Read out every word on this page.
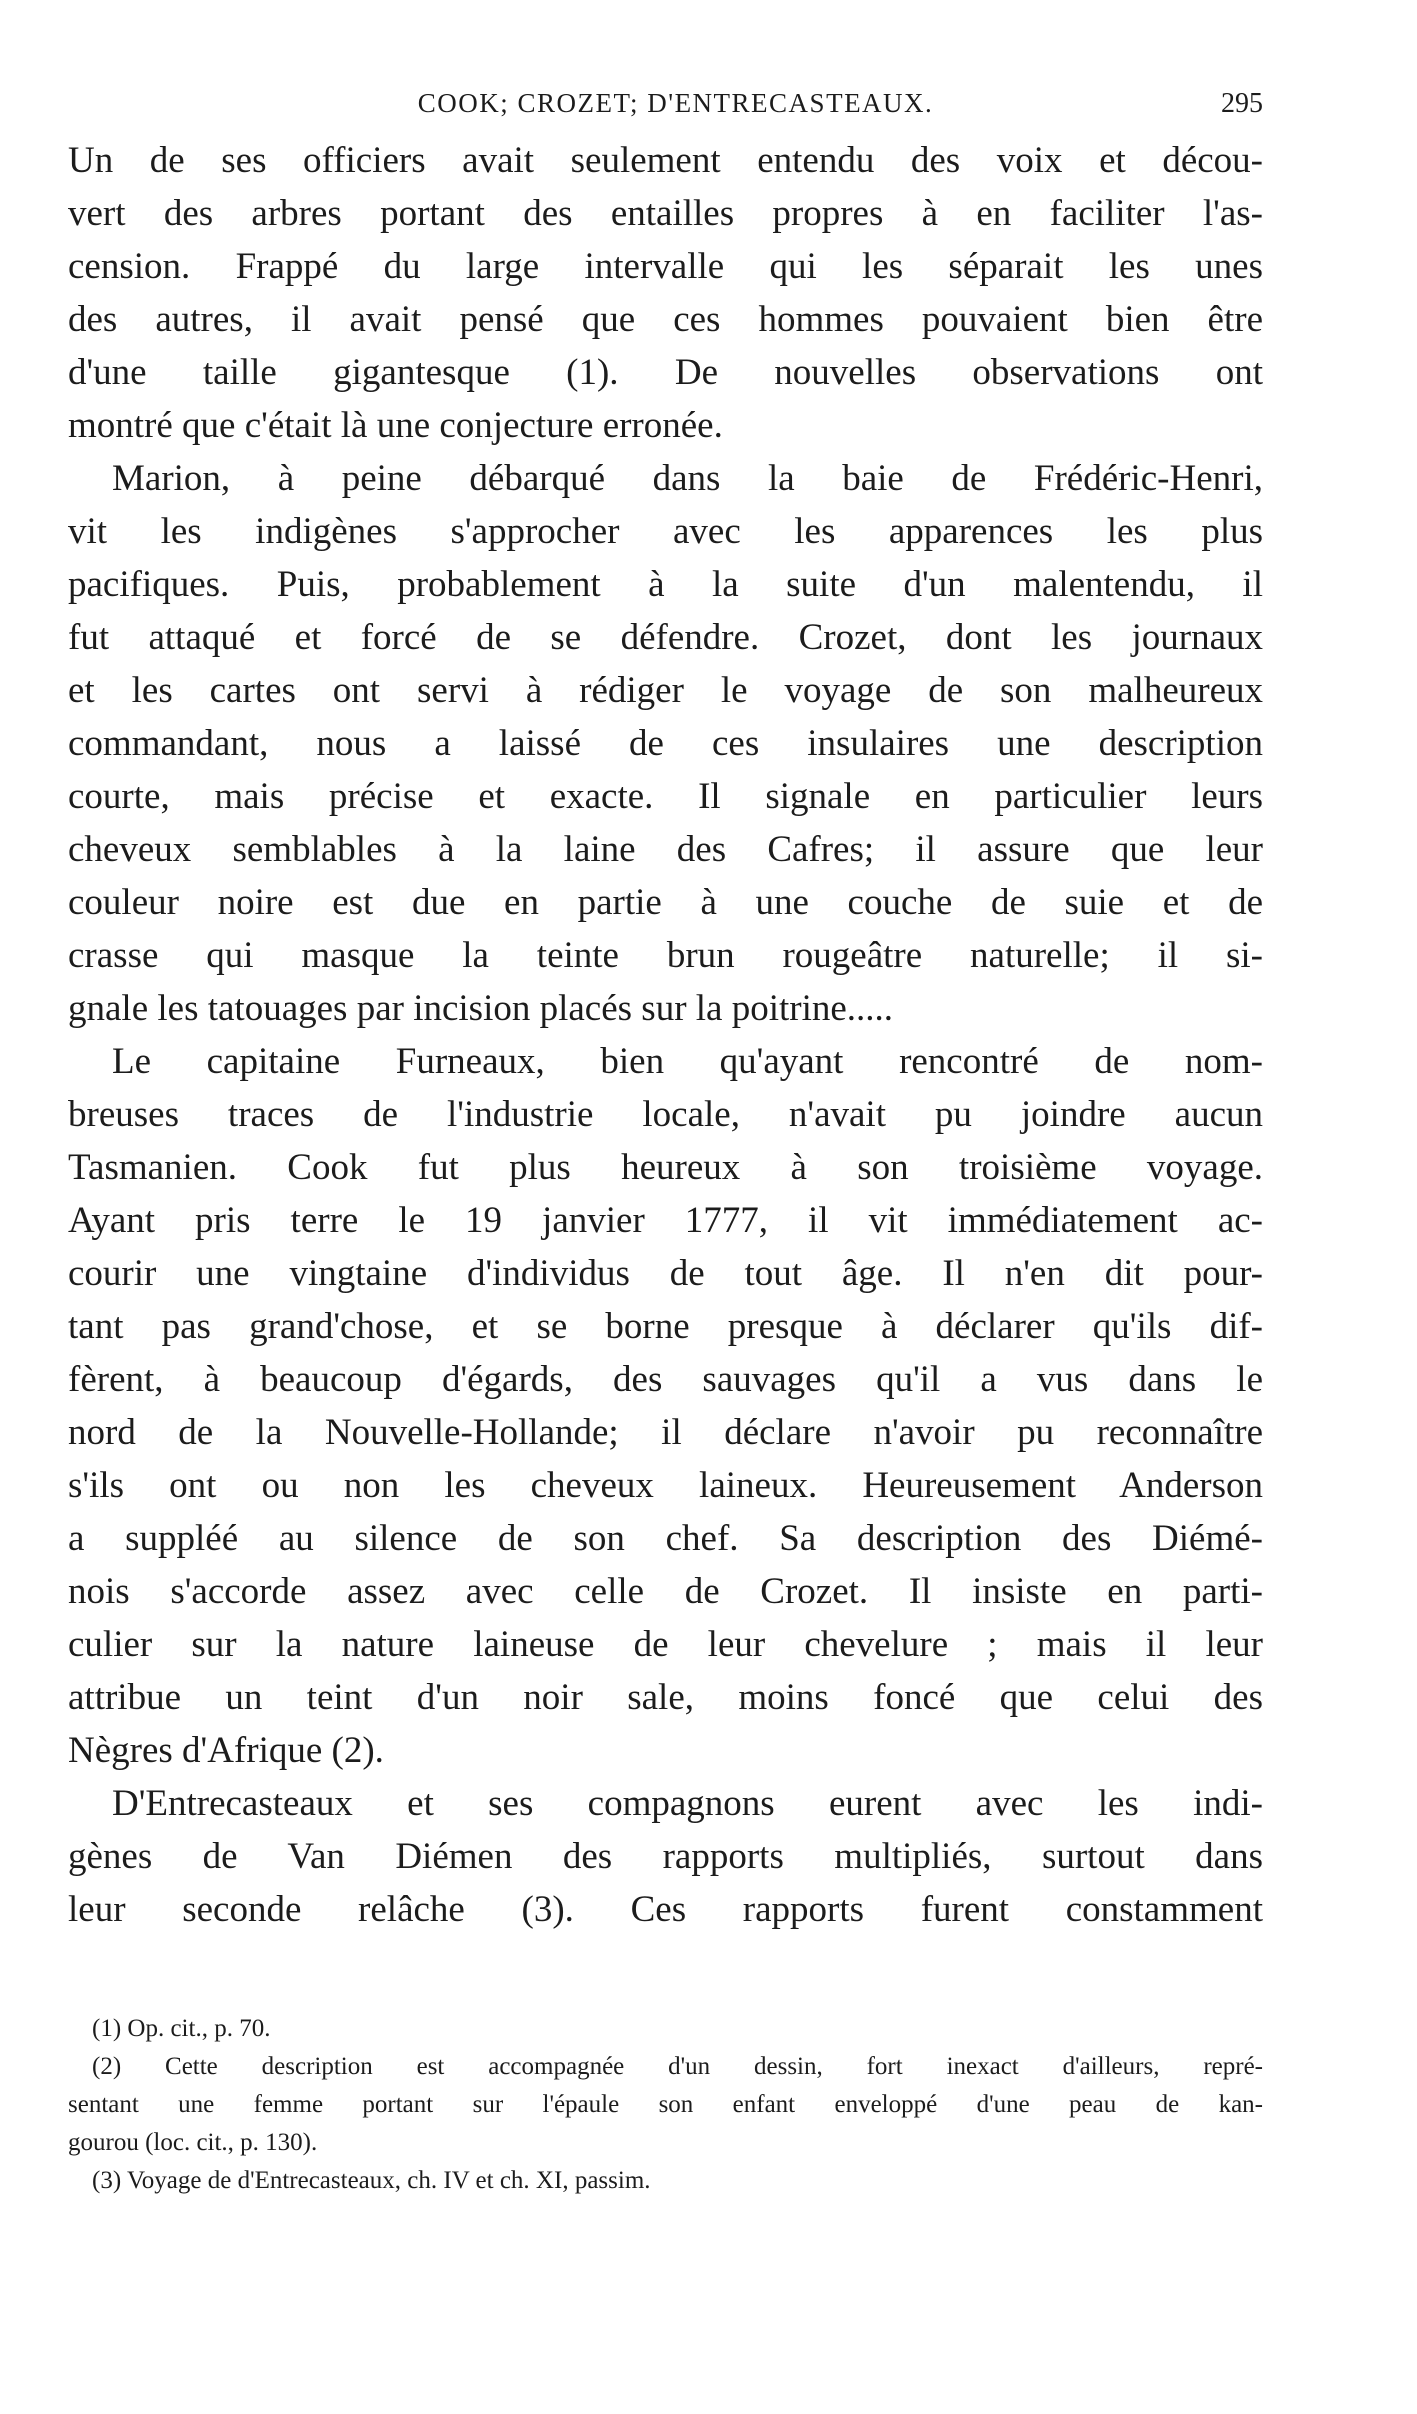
COOK; CROZET; D'ENTRECASTEAUX.	295
Un de ses officiers avait seulement entendu des voix et décou-
vert des arbres portant des entailles propres à en faciliter l'as-
cension. Frappé du large intervalle qui les séparait les unes
des autres, il avait pensé que ces hommes pouvaient bien être
d'une taille gigantesque (1). De nouvelles observations ont
montré que c'était là une conjecture erronée.
Marion, à peine débarqué dans la baie de Frédéric-Henri,
vit les indigènes s'approcher avec les apparences les plus
pacifiques. Puis, probablement à la suite d'un malentendu, il
fut attaqué et forcé de se défendre. Crozet, dont les journaux
et les cartes ont servi à rédiger le voyage de son malheureux
commandant, nous a laissé de ces insulaires une description
courte, mais précise et exacte. Il signale en particulier leurs
cheveux semblables à la laine des Cafres; il assure que leur
couleur noire est due en partie à une couche de suie et de
crasse qui masque la teinte brun rougeâtre naturelle; il si-
gnale les tatouages par incision placés sur la poitrine.....
Le capitaine Furneaux, bien qu'ayant rencontré de nom-
breuses traces de l'industrie locale, n'avait pu joindre aucun
Tasmanien. Cook fut plus heureux à son troisième voyage.
Ayant pris terre le 19 janvier 1777, il vit immédiatement ac-
courir une vingtaine d'individus de tout âge. Il n'en dit pour-
tant pas grand'chose, et se borne presque à déclarer qu'ils dif-
fèrent, à beaucoup d'égards, des sauvages qu'il a vus dans le
nord de la Nouvelle-Hollande; il déclare n'avoir pu reconnaître
s'ils ont ou non les cheveux laineux. Heureusement Anderson
a suppléé au silence de son chef. Sa description des Diémé-
nois s'accorde assez avec celle de Crozet. Il insiste en parti-
culier sur la nature laineuse de leur chevelure ; mais il leur
attribue un teint d'un noir sale, moins foncé que celui des
Nègres d'Afrique (2).
D'Entrecasteaux et ses compagnons eurent avec les indi-
gènes de Van Diémen des rapports multipliés, surtout dans
leur seconde relâche (3). Ces rapports furent constamment
(1) Op. cit., p. 70.
(2) Cette description est accompagnée d'un dessin, fort inexact d'ailleurs, repré-
sentant une femme portant sur l'épaule son enfant enveloppé d'une peau de kan-
gourou (loc. cit., p. 130).
(3) Voyage de d'Entrecasteaux, ch. IV et ch. XI, passim.
